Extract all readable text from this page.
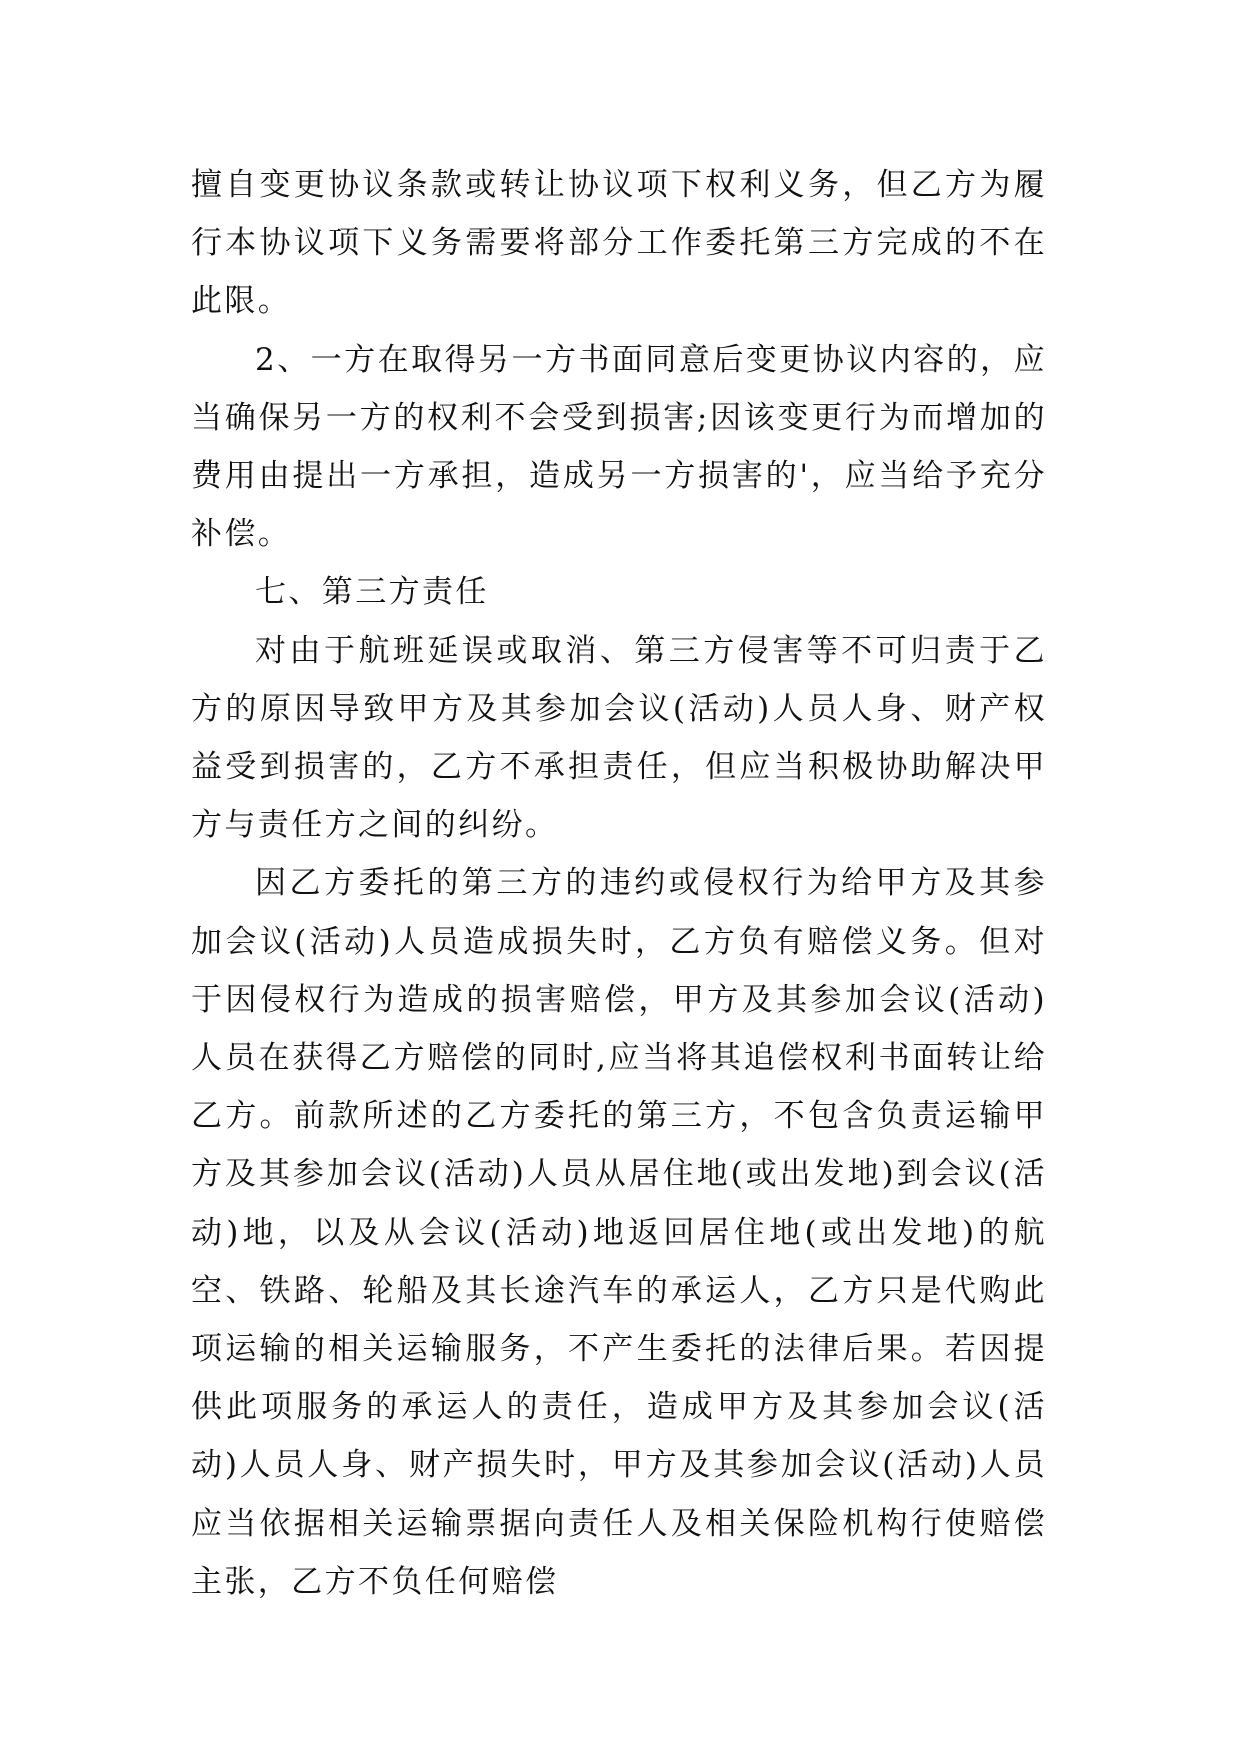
擅自变更协议条款或转让协议项下权利义务，但乙方为履行本协议项下义务需要将部分工作委托第三方完成的不在此限。

2、一方在取得另一方书面同意后变更协议内容的，应当确保另一方的权利不会受到损害;因该变更行为而增加的费用由提出一方承担，造成另一方损害的'，应当给予充分补偿。

七、第三方责任

对由于航班延误或取消、第三方侵害等不可归责于乙方的原因导致甲方及其参加会议(活动)人员人身、财产权益受到损害的，乙方不承担责任，但应当积极协助解决甲方与责任方之间的纠纷。

因乙方委托的第三方的违约或侵权行为给甲方及其参加会议(活动)人员造成损失时，乙方负有赔偿义务。但对于因侵权行为造成的损害赔偿，甲方及其参加会议(活动)人员在获得乙方赔偿的同时,应当将其追偿权利书面转让给乙方。前款所述的乙方委托的第三方，不包含负责运输甲方及其参加会议(活动)人员从居住地(或出发地)到会议(活动)地，以及从会议(活动)地返回居住地(或出发地)的航空、铁路、轮船及其长途汽车的承运人，乙方只是代购此项运输的相关运输服务，不产生委托的法律后果。若因提供此项服务的承运人的责任，造成甲方及其参加会议(活动)人员人身、财产损失时，甲方及其参加会议(活动)人员应当依据相关运输票据向责任人及相关保险机构行使赔偿主张，乙方不负任何赔偿
